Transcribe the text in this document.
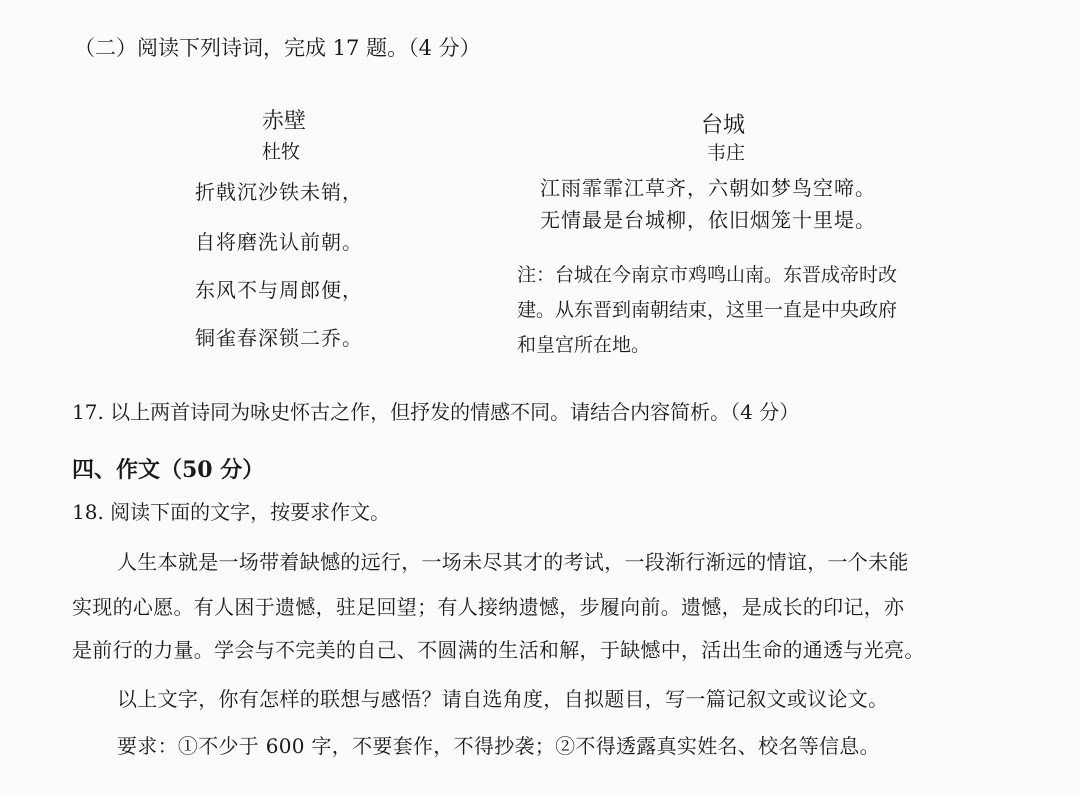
（二）阅读下列诗词，完成 17 题。（4 分）
赤壁
杜牧
折戟沉沙铁未销，
自将磨洗认前朝。
东风不与周郎便，
铜雀春深锁二乔。
台城
韦庄
江雨霏霏江草齐，六朝如梦鸟空啼。
无情最是台城柳，依旧烟笼十里堤。
注：台城在今南京市鸡鸣山南。东晋成帝时改
建。从东晋到南朝结束，这里一直是中央政府
和皇宫所在地。
17. 以上两首诗同为咏史怀古之作，但抒发的情感不同。请结合内容简析。（4 分）
四、作文（50 分）
18. 阅读下面的文字，按要求作文。
人生本就是一场带着缺憾的远行，一场未尽其才的考试，一段渐行渐远的情谊，一个未能
实现的心愿。有人困于遗憾，驻足回望；有人接纳遗憾，步履向前。遗憾，是成长的印记，亦
是前行的力量。学会与不完美的自己、不圆满的生活和解，于缺憾中，活出生命的通透与光亮。
以上文字，你有怎样的联想与感悟？请自选角度，自拟题目，写一篇记叙文或议论文。
要求：①不少于 600 字，不要套作，不得抄袭；②不得透露真实姓名、校名等信息。
